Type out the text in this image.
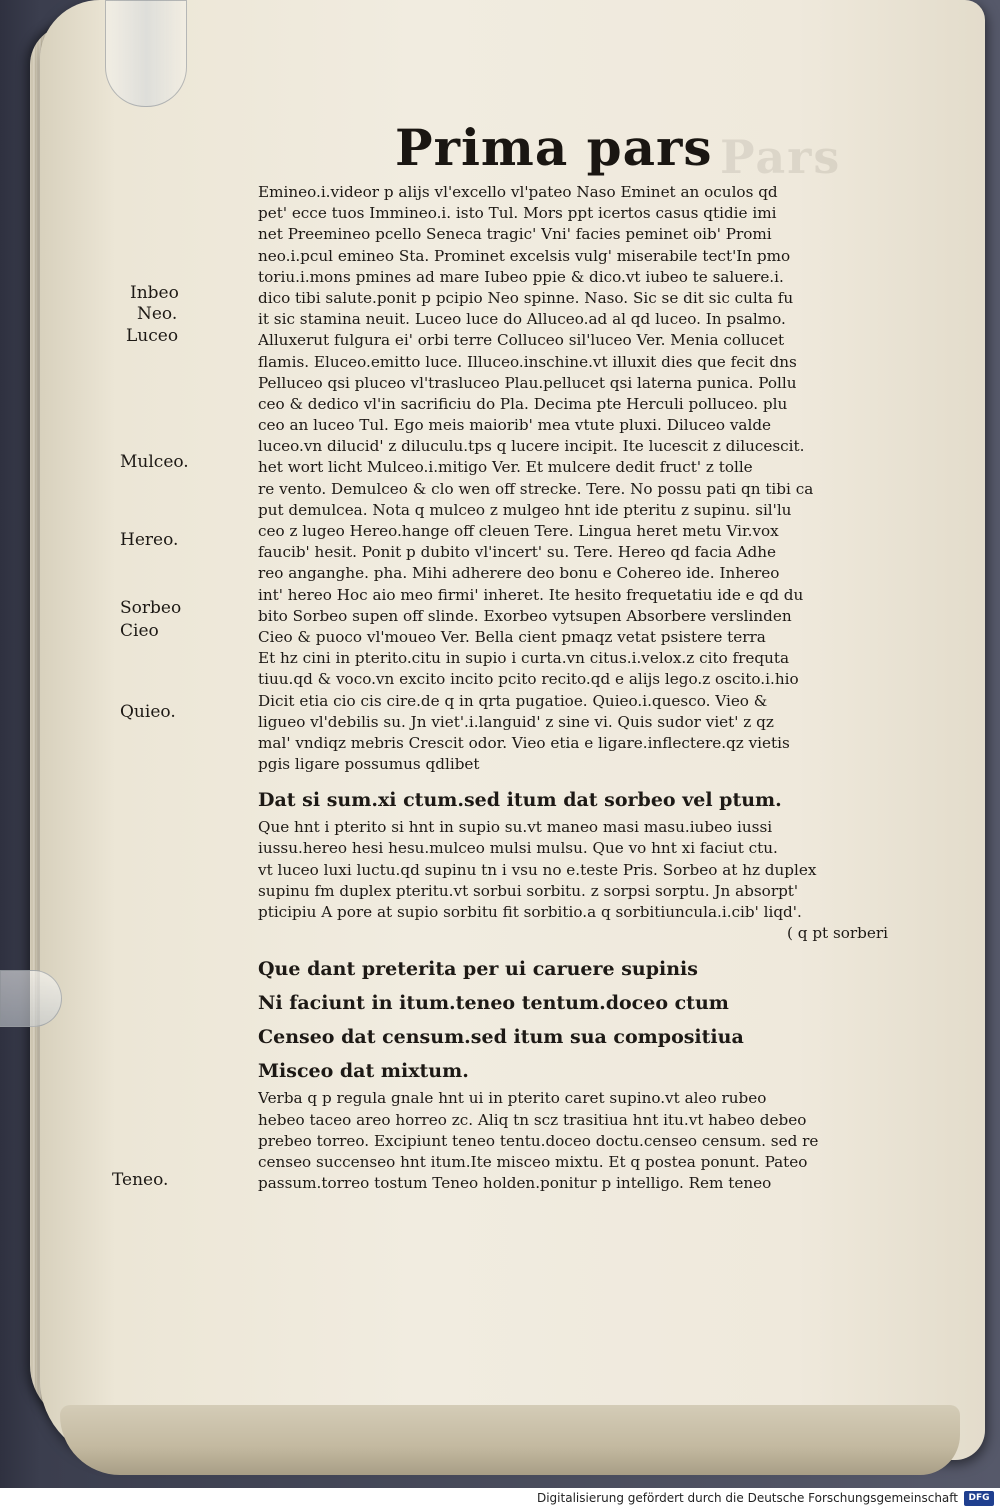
Pars
Prima pars
Inbeo
Neo.
Luceo
Mulceo.
Hereo.
Sorbeo
Cieo
Quieo.
Teneo.
Emineo.i.videor p alijs vl'excello vl'pateo Naso Eminet an oculos qd
pet' ecce tuos Immineo.i. isto Tul. Mors ppt icertos casus qtidie imi
net Preemineo pcello Seneca tragic' Vni' facies peminet oib' Promi
neo.i.pcul emineo Sta. Prominet excelsis vulg' miserabile tect'In pmo
toriu.i.mons pmines ad mare Iubeo ppie & dico.vt iubeo te saluere.i.
dico tibi salute.ponit p pcipio Neo spinne. Naso. Sic se dit sic culta fu
it sic stamina neuit. Luceo luce do Alluceo.ad al qd luceo. In psalmo.
Alluxerut fulgura ei' orbi terre Colluceo sil'luceo Ver. Menia collucet
flamis. Eluceo.emitto luce. Illuceo.inschine.vt illuxit dies que fecit dns
Pelluceo qsi pluceo vl'trasluceo Plau.pellucet qsi laterna punica. Pollu
ceo & dedico vl'in sacrificiu do Pla. Decima pte Herculi polluceo. plu
ceo an luceo Tul. Ego meis maiorib' mea vtute pluxi. Diluceo valde
luceo.vn dilucid' z diluculu.tps q lucere incipit. Ite lucescit z dilucescit.
het wort licht Mulceo.i.mitigo Ver. Et mulcere dedit fruct' z tolle
re vento. Demulceo & clo wen off strecke. Tere. No possu pati qn tibi ca
put demulcea. Nota q mulceo z mulgeo hnt ide pteritu z supinu. sil'lu
ceo z lugeo Hereo.hange off cleuen Tere. Lingua heret metu Vir.vox
faucib' hesit. Ponit p dubito vl'incert' su. Tere. Hereo qd facia Adhe
reo anganghe. pha. Mihi adherere deo bonu e Cohereo ide. Inhereo
int' hereo Hoc aio meo firmi' inheret. Ite hesito frequetatiu ide e qd du
bito Sorbeo supen off slinde. Exorbeo vytsupen Absorbere verslinden
Cieo & puoco vl'moueo Ver. Bella cient pmaqz vetat psistere terra
Et hz cini in pterito.citu in supio i curta.vn citus.i.velox.z cito frequta
tiuu.qd & voco.vn excito incito pcito recito.qd e alijs lego.z oscito.i.hio
Dicit etia cio cis cire.de q in qrta pugatioe. Quieo.i.quesco. Vieo &
ligueo vl'debilis su. Jn viet'.i.languid' z sine vi. Quis sudor viet' z qz
mal' vndiqz mebris Crescit odor. Vieo etia e ligare.inflectere.qz vietis
pgis ligare possumus qdlibet
Dat si sum.xi ctum.sed itum dat sorbeo vel ptum.
Que hnt i pterito si hnt in supio su.vt maneo masi masu.iubeo iussi
iussu.hereo hesi hesu.mulceo mulsi mulsu. Que vo hnt xi faciut ctu.
vt luceo luxi luctu.qd supinu tn i vsu no e.teste Pris. Sorbeo at hz duplex
supinu fm duplex pteritu.vt sorbui sorbitu. z sorpsi sorptu. Jn absorpt'
pticipiu A pore at supio sorbitu fit sorbitio.a q sorbitiuncula.i.cib' liqd'.
( q pt sorberi
Que dant preterita per ui caruere supinis
Ni faciunt in itum.teneo tentum.doceo ctum
Censeo dat censum.sed itum sua compositiua
Misceo dat mixtum.
Verba q p regula gnale hnt ui in pterito caret supino.vt aleo rubeo
hebeo taceo areo horreo zc. Aliq tn scz trasitiua hnt itu.vt habeo debeo
prebeo torreo. Excipiunt teneo tentu.doceo doctu.censeo censum. sed re
censeo succenseo hnt itum.Ite misceo mixtu. Et q postea ponunt. Pateo
passum.torreo tostum Teneo holden.ponitur p intelligo. Rem teneo
Digitalisierung gefördert durch die Deutsche Forschungsgemeinschaft	DFG
